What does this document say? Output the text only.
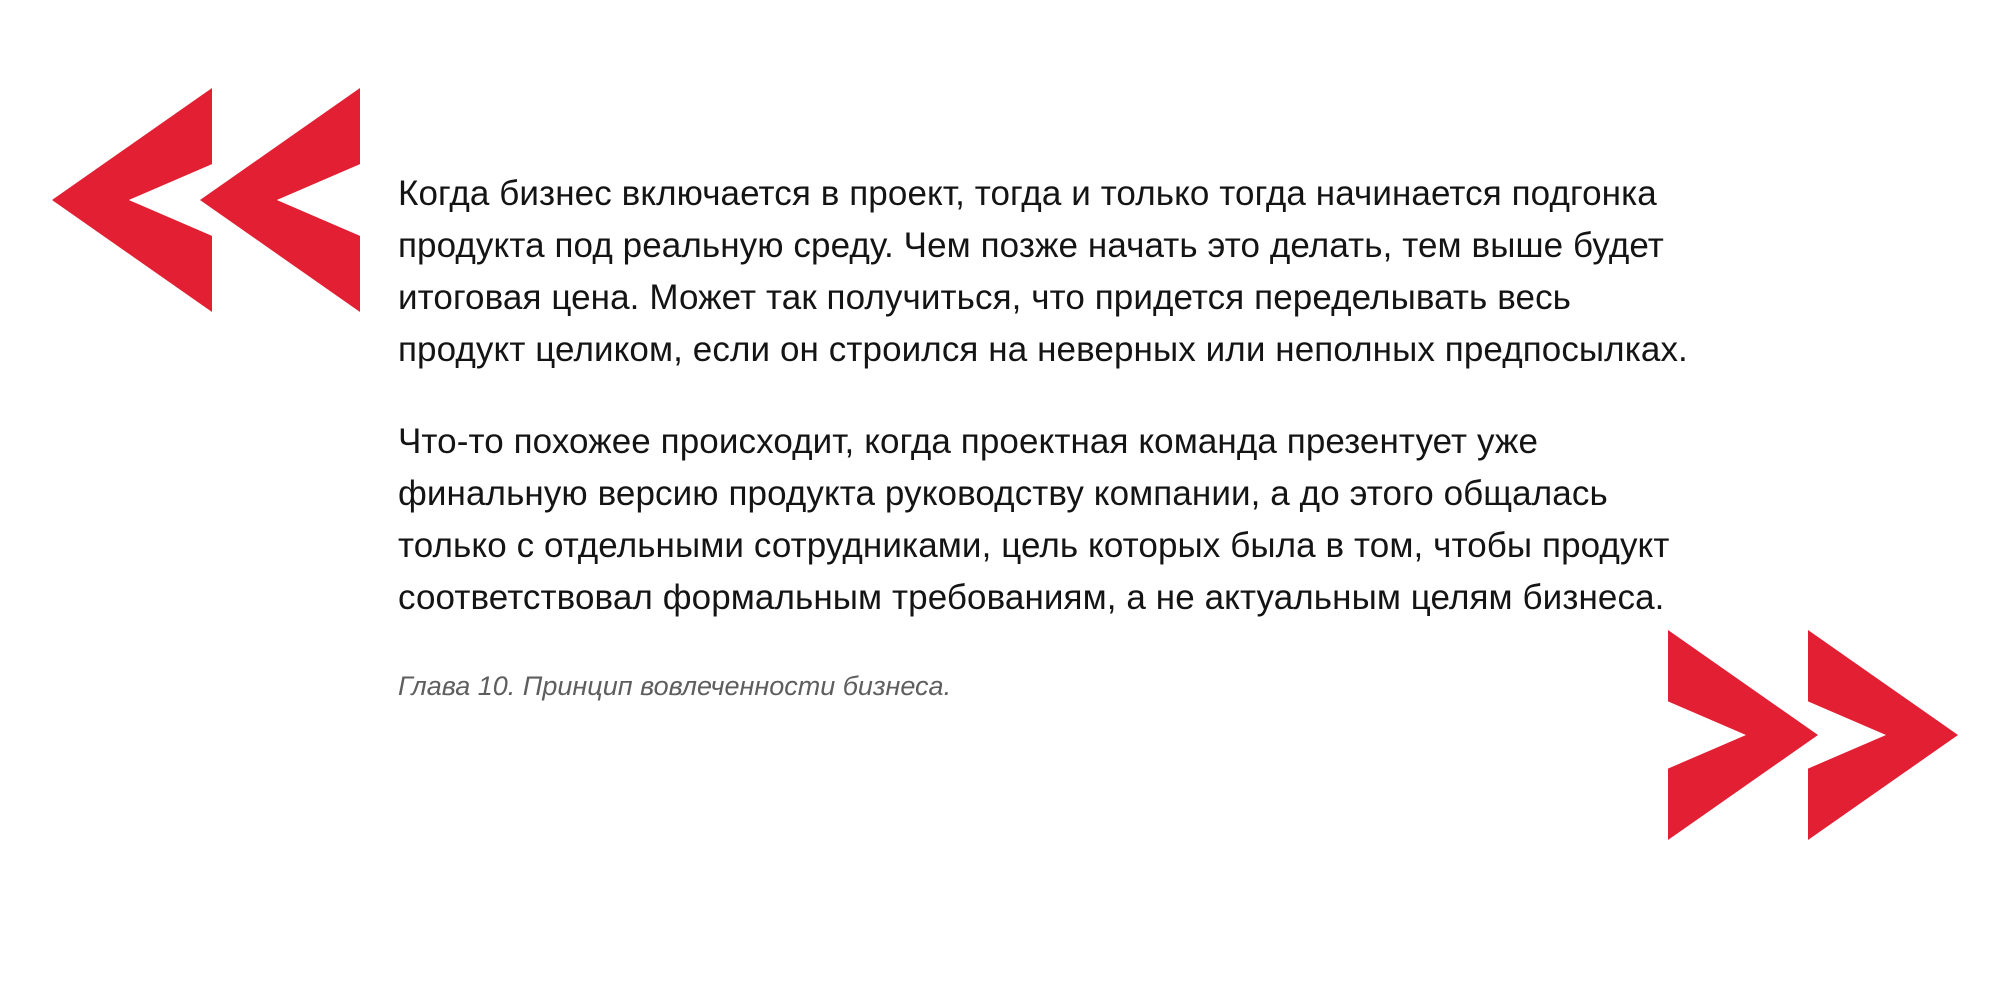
Когда бизнес включается в проект, тогда и только тогда начинается подгонка продукта под реальную среду. Чем позже начать это делать, тем выше будет итоговая цена. Может так получиться, что придется переделывать весь продукт целиком, если он строился на неверных или неполных предпосылках.

Что-то похожее происходит, когда проектная команда презентует уже финальную версию продукта руководству компании, а до этого общалась только с отдельными сотрудниками, цель которых была в том, чтобы продукт соответствовал формальным требованиям, а не актуальным целям бизнеса.

Глава 10. Принцип вовлеченности бизнеса.
